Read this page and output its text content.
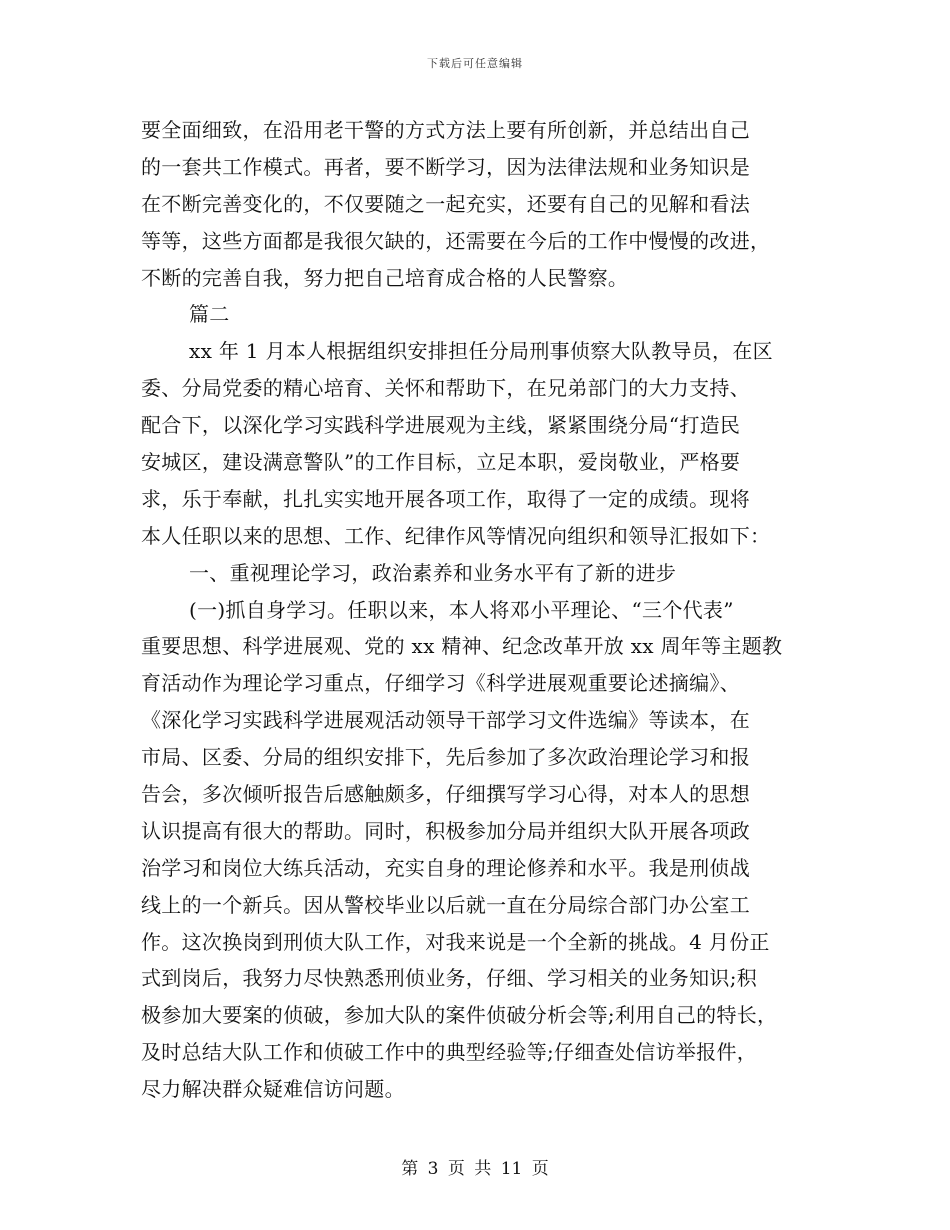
下载后可任意编辑
要全面细致，在沿用老干警的方式方法上要有所创新，并总结出自己
的一套共工作模式。再者，要不断学习，因为法律法规和业务知识是
在不断完善变化的，不仅要随之一起充实，还要有自己的见解和看法
等等，这些方面都是我很欠缺的，还需要在今后的工作中慢慢的改进，
不断的完善自我，努力把自己培育成合格的人民警察。
篇二
xx 年 1 月本人根据组织安排担任分局刑事侦察大队教导员，在区
委、分局党委的精心培育、关怀和帮助下，在兄弟部门的大力支持、
配合下，以深化学习实践科学进展观为主线，紧紧围绕分局“打造民
安城区，建设满意警队”的工作目标，立足本职，爱岗敬业，严格要
求，乐于奉献，扎扎实实地开展各项工作，取得了一定的成绩。现将
本人任职以来的思想、工作、纪律作风等情况向组织和领导汇报如下：
一、重视理论学习，政治素养和业务水平有了新的进步
(一)抓自身学习。任职以来，本人将邓小平理论、“三个代表”
重要思想、科学进展观、党的 xx 精神、纪念改革开放 xx 周年等主题教
育活动作为理论学习重点，仔细学习《科学进展观重要论述摘编》、
《深化学习实践科学进展观活动领导干部学习文件选编》等读本，在
市局、区委、分局的组织安排下，先后参加了多次政治理论学习和报
告会，多次倾听报告后感触颇多，仔细撰写学习心得，对本人的思想
认识提高有很大的帮助。同时，积极参加分局并组织大队开展各项政
治学习和岗位大练兵活动，充实自身的理论修养和水平。我是刑侦战
线上的一个新兵。因从警校毕业以后就一直在分局综合部门办公室工
作。这次换岗到刑侦大队工作，对我来说是一个全新的挑战。4 月份正
式到岗后，我努力尽快熟悉刑侦业务，仔细、学习相关的业务知识;积
极参加大要案的侦破，参加大队的案件侦破分析会等;利用自己的特长，
及时总结大队工作和侦破工作中的典型经验等;仔细查处信访举报件，
尽力解决群众疑难信访问题。
第 3 页 共 11 页
